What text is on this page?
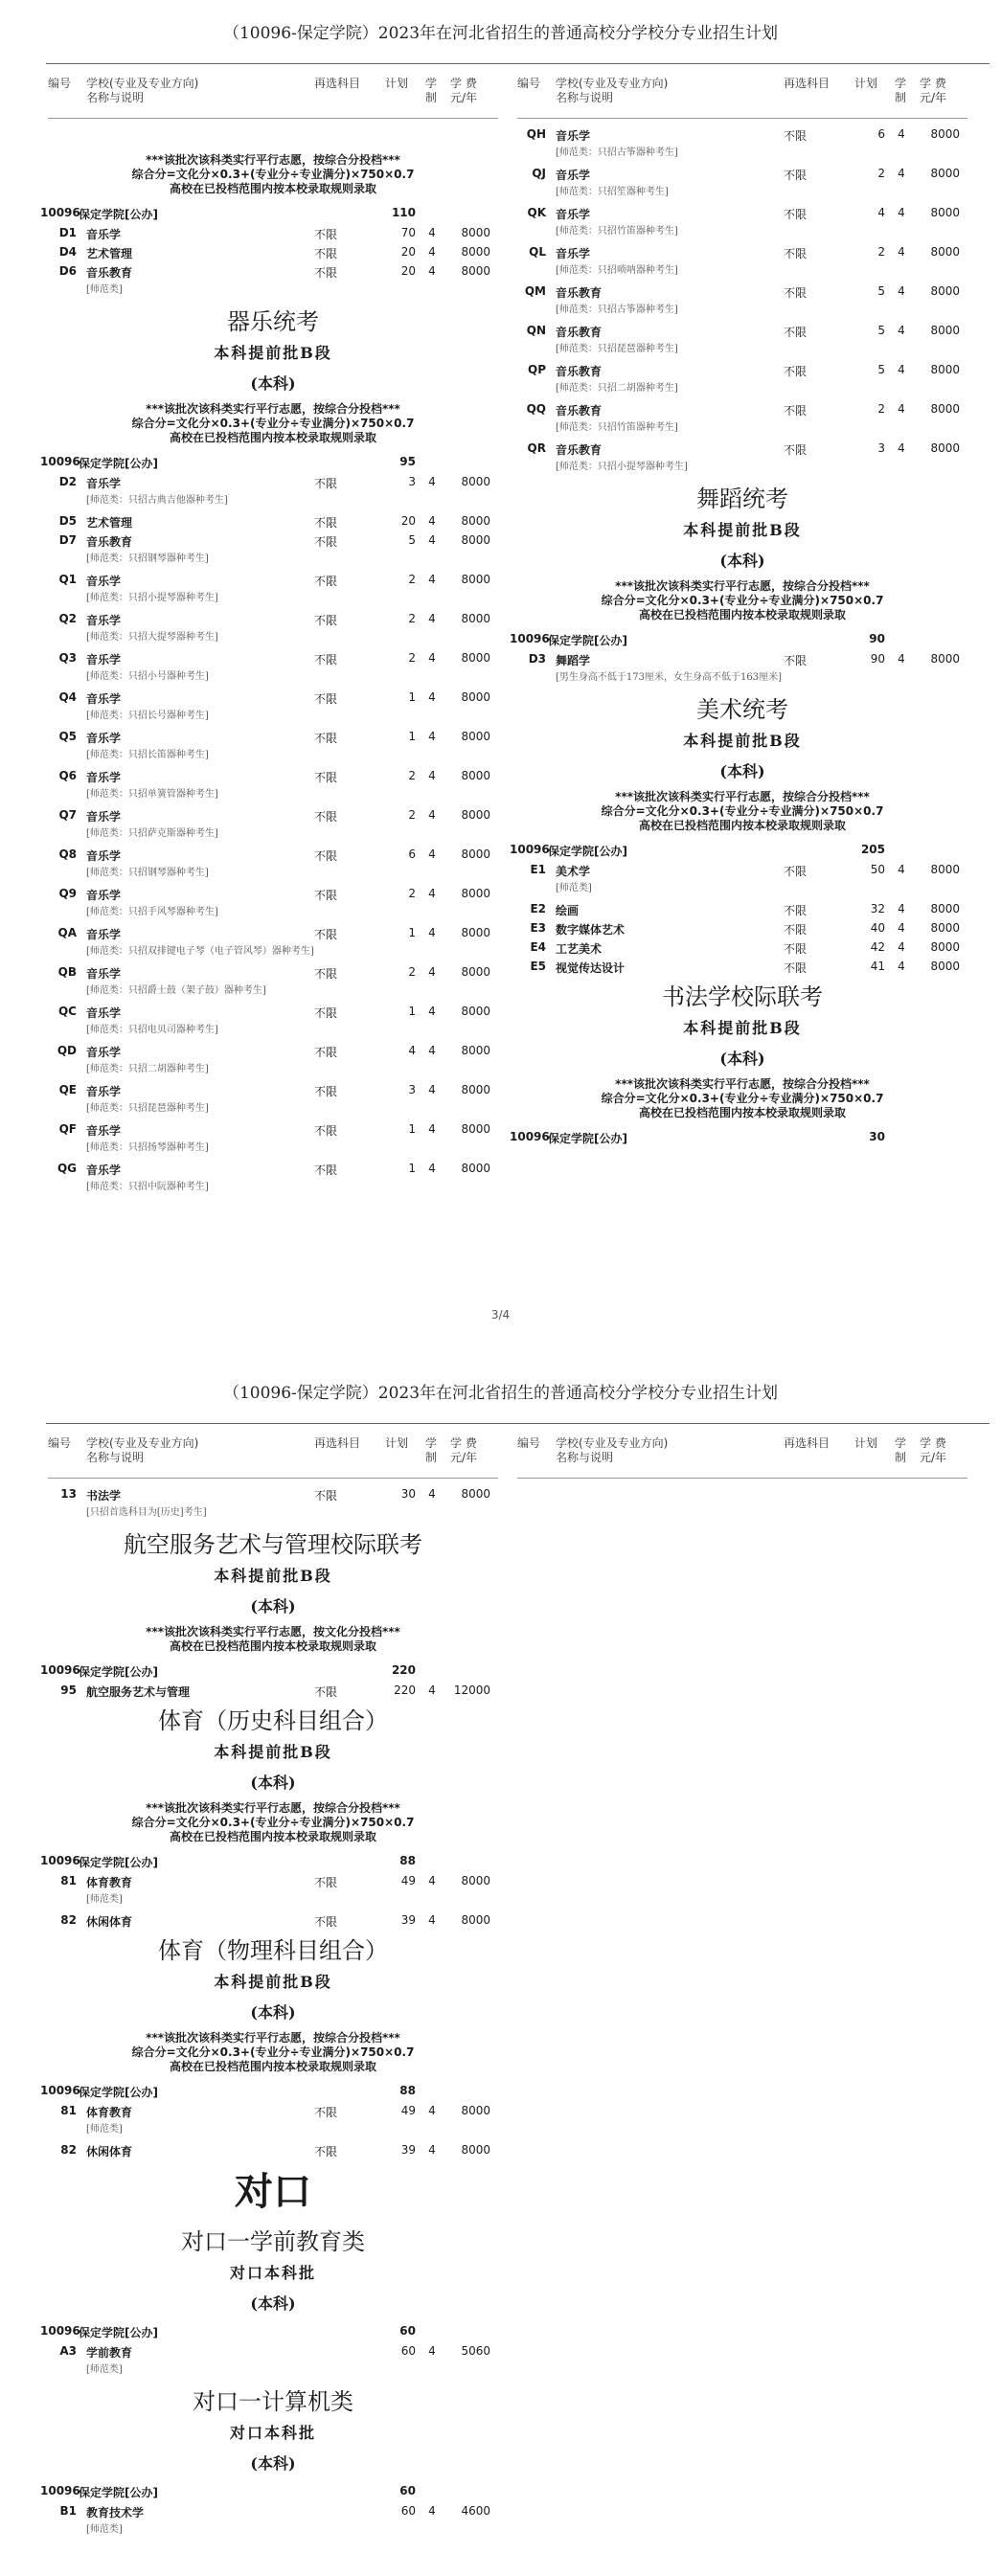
（10096-保定学院）2023年在河北省招生的普通高校分学校分专业招生计划
编号 学校(专业及专业方向)
名称与说明
再选科目 计划 学
制
学 费
元/年
***该批次该科类实行平行志愿，按综合分投档***
综合分=文化分×0.3+(专业分÷专业满分)×750×0.7
高校在已投档范围内按本校录取规则录取
10096
保定学院[公办]	110
D1 音乐学	不限	70 4	8000
D4 艺术管理	不限	20 4	8000
D6 音乐教育	不限	20 4	8000
[师范类]
器乐统考
本科提前批B段
(本科)
***该批次该科类实行平行志愿，按综合分投档***
综合分=文化分×0.3+(专业分÷专业满分)×750×0.7
高校在已投档范围内按本校录取规则录取
10096
保定学院[公办]	95
D2 音乐学	不限	3 4	8000
[师范类：只招古典吉他器种考生]
D5 艺术管理	不限	20 4	8000
D7 音乐教育	不限	5 4	8000
[师范类：只招钢琴器种考生]
Q1 音乐学	不限	2 4	8000
[师范类：只招小提琴器种考生]
Q2 音乐学	不限	2 4	8000
[师范类：只招大提琴器种考生]
Q3 音乐学	不限	2 4	8000
[师范类：只招小号器种考生]
Q4 音乐学	不限	1 4	8000
[师范类：只招长号器种考生]
Q5 音乐学	不限	1 4	8000
[师范类：只招长笛器种考生]
Q6 音乐学	不限	2 4	8000
[师范类：只招单簧管器种考生]
Q7 音乐学	不限	2 4	8000
[师范类：只招萨克斯器种考生]
Q8 音乐学	不限	6 4	8000
[师范类：只招钢琴器种考生]
Q9 音乐学	不限	2 4	8000
[师范类：只招手风琴器种考生]
QA 音乐学	不限	1 4	8000
[师范类：只招双排键电子琴（电子管风琴）器种考生]
QB 音乐学	不限	2 4	8000
[师范类：只招爵士鼓（架子鼓）器种考生]
QC 音乐学	不限	1 4	8000
[师范类：只招电贝司器种考生]
QD 音乐学	不限	4 4	8000
[师范类：只招二胡器种考生]
QE 音乐学	不限	3 4	8000
[师范类：只招琵琶器种考生]
QF 音乐学	不限	1 4	8000
[师范类：只招扬琴器种考生]
QG 音乐学	不限	1 4	8000
[师范类：只招中阮器种考生]
编号 学校(专业及专业方向)
名称与说明
再选科目 计划 学
制
学 费
元/年
QH 音乐学	不限	6 4	8000
[师范类：只招古筝器种考生]
QJ 音乐学	不限	2 4	8000
[师范类：只招笙器种考生]
QK 音乐学	不限	4 4	8000
[师范类：只招竹笛器种考生]
QL 音乐学	不限	2 4	8000
[师范类：只招唢呐器种考生]
QM 音乐教育	不限	5 4	8000
[师范类：只招古筝器种考生]
QN 音乐教育	不限	5 4	8000
[师范类：只招琵琶器种考生]
QP 音乐教育	不限	5 4	8000
[师范类：只招二胡器种考生]
QQ 音乐教育	不限	2 4	8000
[师范类：只招竹笛器种考生]
QR 音乐教育	不限	3 4	8000
[师范类：只招小提琴器种考生]
舞蹈统考
本科提前批B段
(本科)
***该批次该科类实行平行志愿，按综合分投档***
综合分=文化分×0.3+(专业分÷专业满分)×750×0.7
高校在已投档范围内按本校录取规则录取
10096
保定学院[公办]	90
D3 舞蹈学	不限	90 4	8000
[男生身高不低于173厘米，女生身高不低于163厘米]
美术统考
本科提前批B段
(本科)
***该批次该科类实行平行志愿，按综合分投档***
综合分=文化分×0.3+(专业分÷专业满分)×750×0.7
高校在已投档范围内按本校录取规则录取
10096
保定学院[公办]	205
E1 美术学	不限	50 4	8000
[师范类]
E2 绘画	不限	32 4	8000
E3 数字媒体艺术	不限	40 4	8000
E4 工艺美术	不限	42 4	8000
E5 视觉传达设计	不限	41 4	8000
书法学校际联考
本科提前批B段
(本科)
***该批次该科类实行平行志愿，按综合分投档***
综合分=文化分×0.3+(专业分÷专业满分)×750×0.7
高校在已投档范围内按本校录取规则录取
10096
保定学院[公办]	30
3/4
（10096-保定学院）2023年在河北省招生的普通高校分学校分专业招生计划
编号 学校(专业及专业方向)
名称与说明
再选科目 计划 学
制
学 费
元/年
13 书法学	不限	30 4	8000
[只招首选科目为[历史]考生]
航空服务艺术与管理校际联考
本科提前批B段
(本科)
***该批次该科类实行平行志愿，按文化分投档***
高校在已投档范围内按本校录取规则录取
10096
保定学院[公办]	220
95 航空服务艺术与管理	不限	220 4	12000
体育（历史科目组合）
本科提前批B段
(本科)
***该批次该科类实行平行志愿，按综合分投档***
综合分=文化分×0.3+(专业分÷专业满分)×750×0.7
高校在已投档范围内按本校录取规则录取
10096
保定学院[公办]	88
81 体育教育	不限	49 4	8000
[师范类]
82 休闲体育	不限	39 4	8000
体育（物理科目组合）
本科提前批B段
(本科)
***该批次该科类实行平行志愿，按综合分投档***
综合分=文化分×0.3+(专业分÷专业满分)×750×0.7
高校在已投档范围内按本校录取规则录取
10096
保定学院[公办]	88
81 体育教育	不限	49 4	8000
[师范类]
82 休闲体育	不限	39 4	8000
对口
对口一学前教育类
对口本科批
(本科)
10096
保定学院[公办]	60
A3 学前教育	60 4	5060
[师范类]
对口一计算机类
对口本科批
(本科)
10096
保定学院[公办]	60
B1 教育技术学	60 4	4600
[师范类]
编号 学校(专业及专业方向)
名称与说明
再选科目 计划 学
制
学 费
元/年
